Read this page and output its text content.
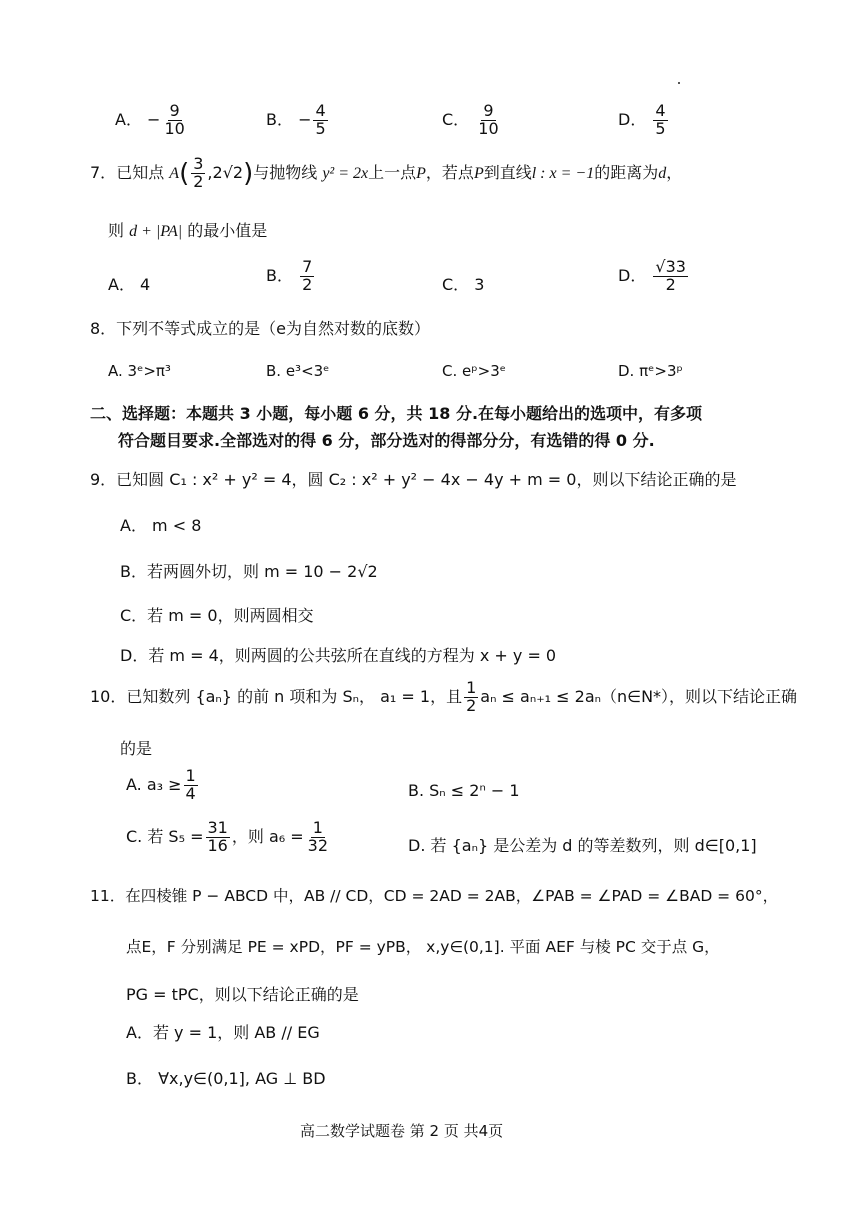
A． − $\frac{9}{10}$	B． − $\frac{4}{5}$	C． $\frac{9}{10}$	D． $\frac{4}{5}$
7．已知点 $A( \frac{3}{2} ,2√2)$与抛物线 y² = 2x上一点P，若点P到直线l : x = −1的距离为d，
则 d + |PA| 的最小值是
A． 4	B． $\frac{7}{2}$	C． 3	D． $\frac{√33}{2}$
8．下列不等式成立的是（e为自然对数的底数）
A. 3ᵉ>π³	B. e³<3ᵉ	C. eᵖ>3ᵉ	D. πᵉ>3ᵖ
二、选择题：本题共 3 小题，每小题 6 分，共 18 分.在每小题给出的选项中，有多项
符合题目要求.全部选对的得 6 分，部分选对的得部分分，有选错的得 0 分.
9．已知圆 C₁ : x² + y² = 4，圆 C₂ : x² + y² − 4x − 4y + m = 0，则以下结论正确的是
A． m < 8
B．若两圆外切，则 m = 10 − 2√2
C．若 m = 0，则两圆相交
D．若 m = 4，则两圆的公共弦所在直线的方程为 x + y = 0
10．已知数列 {aₙ} 的前 n 项和为 Sₙ， a₁ = 1，且 $\frac{1}{2}$ aₙ ≤ aₙ₊₁ ≤ 2aₙ（n∈N*），则以下结论正确
的是
A. $a_3 \ge \frac{1}{4}$	B. Sₙ ≤ 2ⁿ − 1
C. 若 $S_5 = \frac{31}{16}$ ，则 $a_6 = \frac{1}{32}$	D. 若 {aₙ} 是公差为 d 的等差数列，则 d∈[0,1]
11．在四棱锥 P − ABCD 中，AB // CD，CD = 2AD = 2AB，∠PAB = ∠PAD = ∠BAD = 60°，
点E，F 分别满足 PE = xPD，PF = yPB， x,y∈(0,1]. 平面 AEF 与棱 PC 交于点 G，
PG = tPC，则以下结论正确的是
A．若 y = 1，则 AB // EG
B． ∀x,y∈(0,1], AG ⊥ BD
高二数学试题卷 第 2 页 共4页
